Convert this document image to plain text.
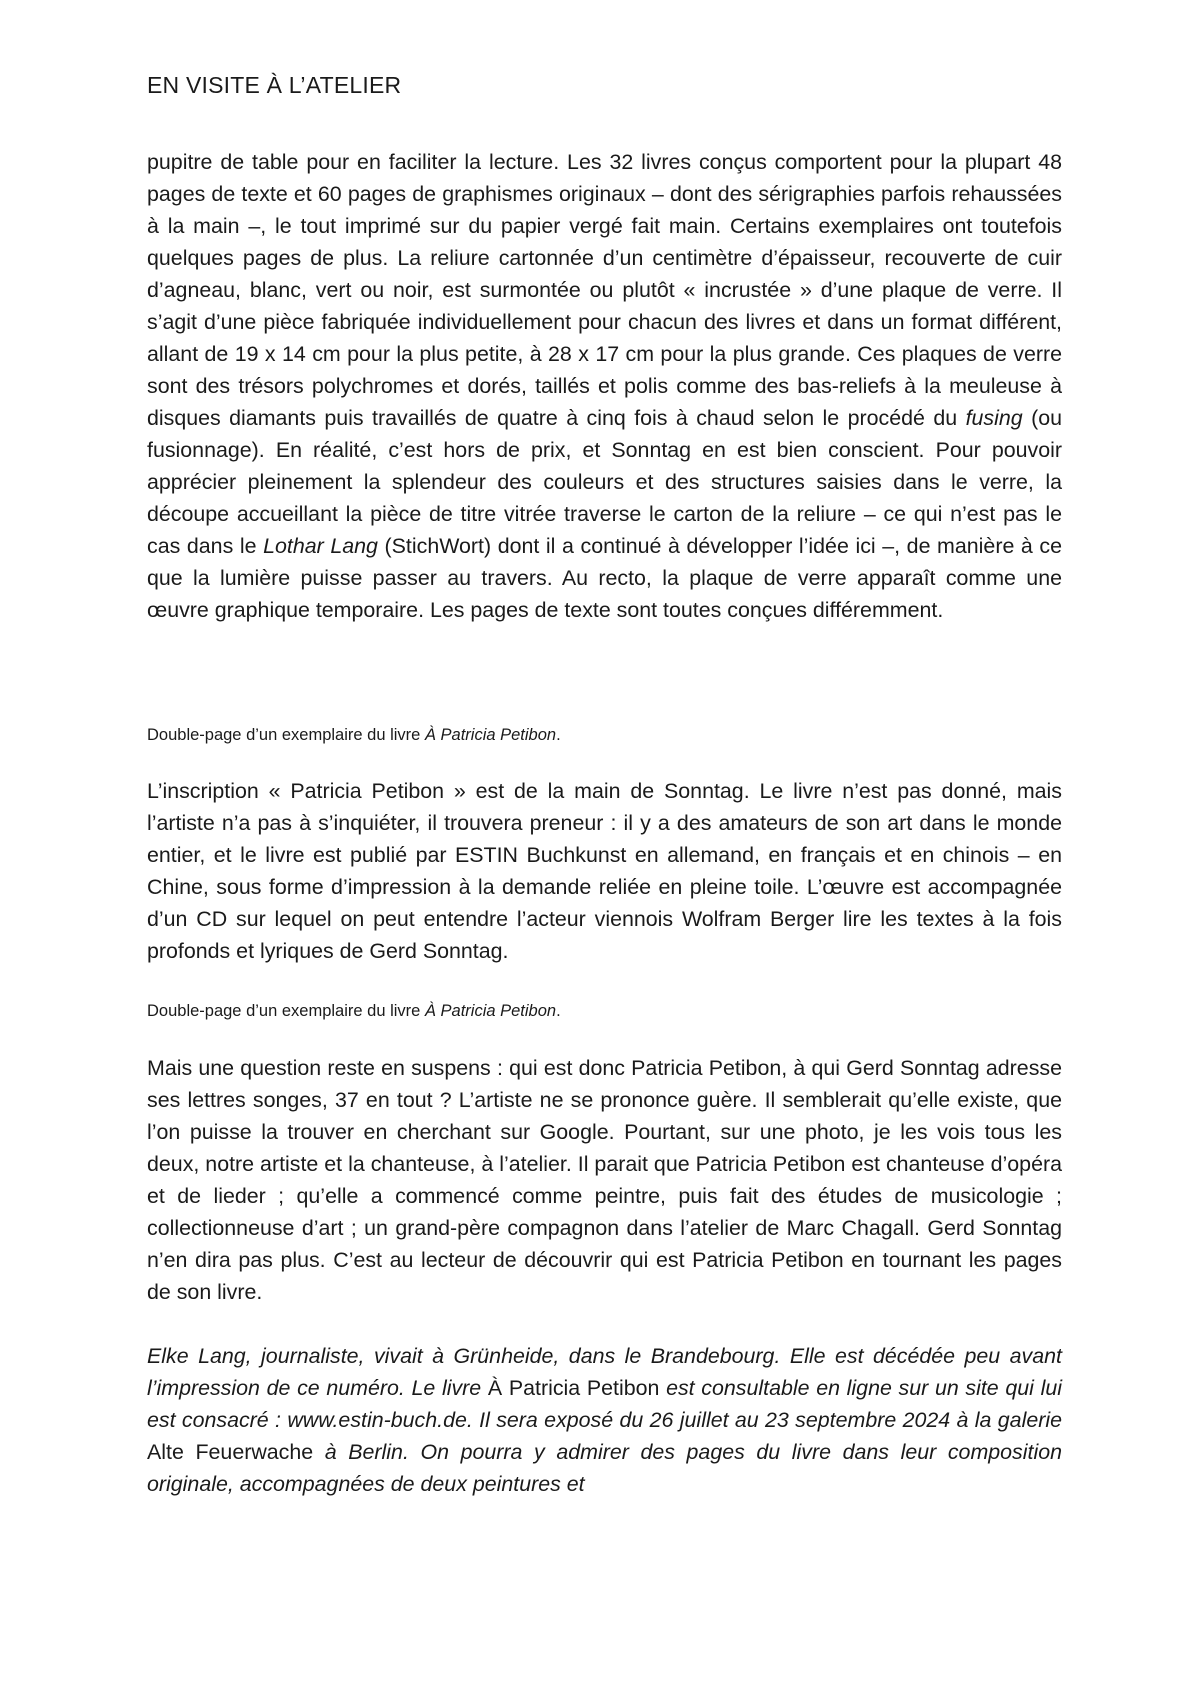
EN VISITE À L’ATELIER

pupitre de table pour en faciliter la lecture. Les 32 livres conçus comportent pour la plupart 48 pages de texte et 60 pages de graphismes originaux – dont des sérigraphies parfois rehaussées à la main –, le tout imprimé sur du papier vergé fait main. Certains exemplaires ont toutefois quelques pages de plus. La reliure cartonnée d’un centimètre d’épaisseur, recouverte de cuir d’agneau, blanc, vert ou noir, est surmontée ou plutôt « incrustée » d’une plaque de verre. Il s’agit d’une pièce fabriquée individuellement pour chacun des livres et dans un format différent, allant de 19 x 14 cm pour la plus petite, à 28 x 17 cm pour la plus grande. Ces plaques de verre sont des trésors polychromes et dorés, taillés et polis comme des bas-reliefs à la meuleuse à disques diamants puis travaillés de quatre à cinq fois à chaud selon le procédé du fusing (ou fusionnage). En réalité, c’est hors de prix, et Sonntag en est bien conscient. Pour pouvoir apprécier pleinement la splendeur des couleurs et des structures saisies dans le verre, la découpe accueillant la pièce de titre vitrée traverse le carton de la reliure – ce qui n’est pas le cas dans le Lothar Lang (StichWort) dont il a continué à développer l’idée ici –, de manière à ce que la lumière puisse passer au travers. Au recto, la plaque de verre apparaît comme une œuvre graphique temporaire. Les pages de texte sont toutes conçues différemment.

Double-page d’un exemplaire du livre À Patricia Petibon.

L’inscription « Patricia Petibon » est de la main de Sonntag. Le livre n’est pas donné, mais l’artiste n’a pas à s’inquiéter, il trouvera preneur : il y a des amateurs de son art dans le monde entier, et le livre est publié par ESTIN Buchkunst en allemand, en français et en chinois – en Chine, sous forme d’impression à la demande reliée en pleine toile. L’œuvre est accompagnée d’un CD sur lequel on peut entendre l’acteur viennois Wolfram Berger lire les textes à la fois profonds et lyriques de Gerd Sonntag.

Double-page d’un exemplaire du livre À Patricia Petibon.

Mais une question reste en suspens : qui est donc Patricia Petibon, à qui Gerd Sonntag adresse ses lettres songes, 37 en tout ? L’artiste ne se prononce guère. Il semblerait qu’elle existe, que l’on puisse la trouver en cherchant sur Google. Pourtant, sur une photo, je les vois tous les deux, notre artiste et la chanteuse, à l’atelier. Il parait que Patricia Petibon est chanteuse d’opéra et de lieder ; qu’elle a commencé comme peintre, puis fait des études de musicologie ; collectionneuse d’art ; un grand-père compagnon dans l’atelier de Marc Chagall. Gerd Sonntag n’en dira pas plus. C’est au lecteur de découvrir qui est Patricia Petibon en tournant les pages de son livre.

Elke Lang, journaliste, vivait à Grünheide, dans le Brandebourg. Elle est décédée peu avant l’impression de ce numéro. Le livre À Patricia Petibon est consultable en ligne sur un site qui lui est consacré : www.estin-buch.de. Il sera exposé du 26 juillet au 23 septembre 2024 à la galerie Alte Feuerwache à Berlin. On pourra y admirer des pages du livre dans leur composition originale, accompagnées de deux peintures et
